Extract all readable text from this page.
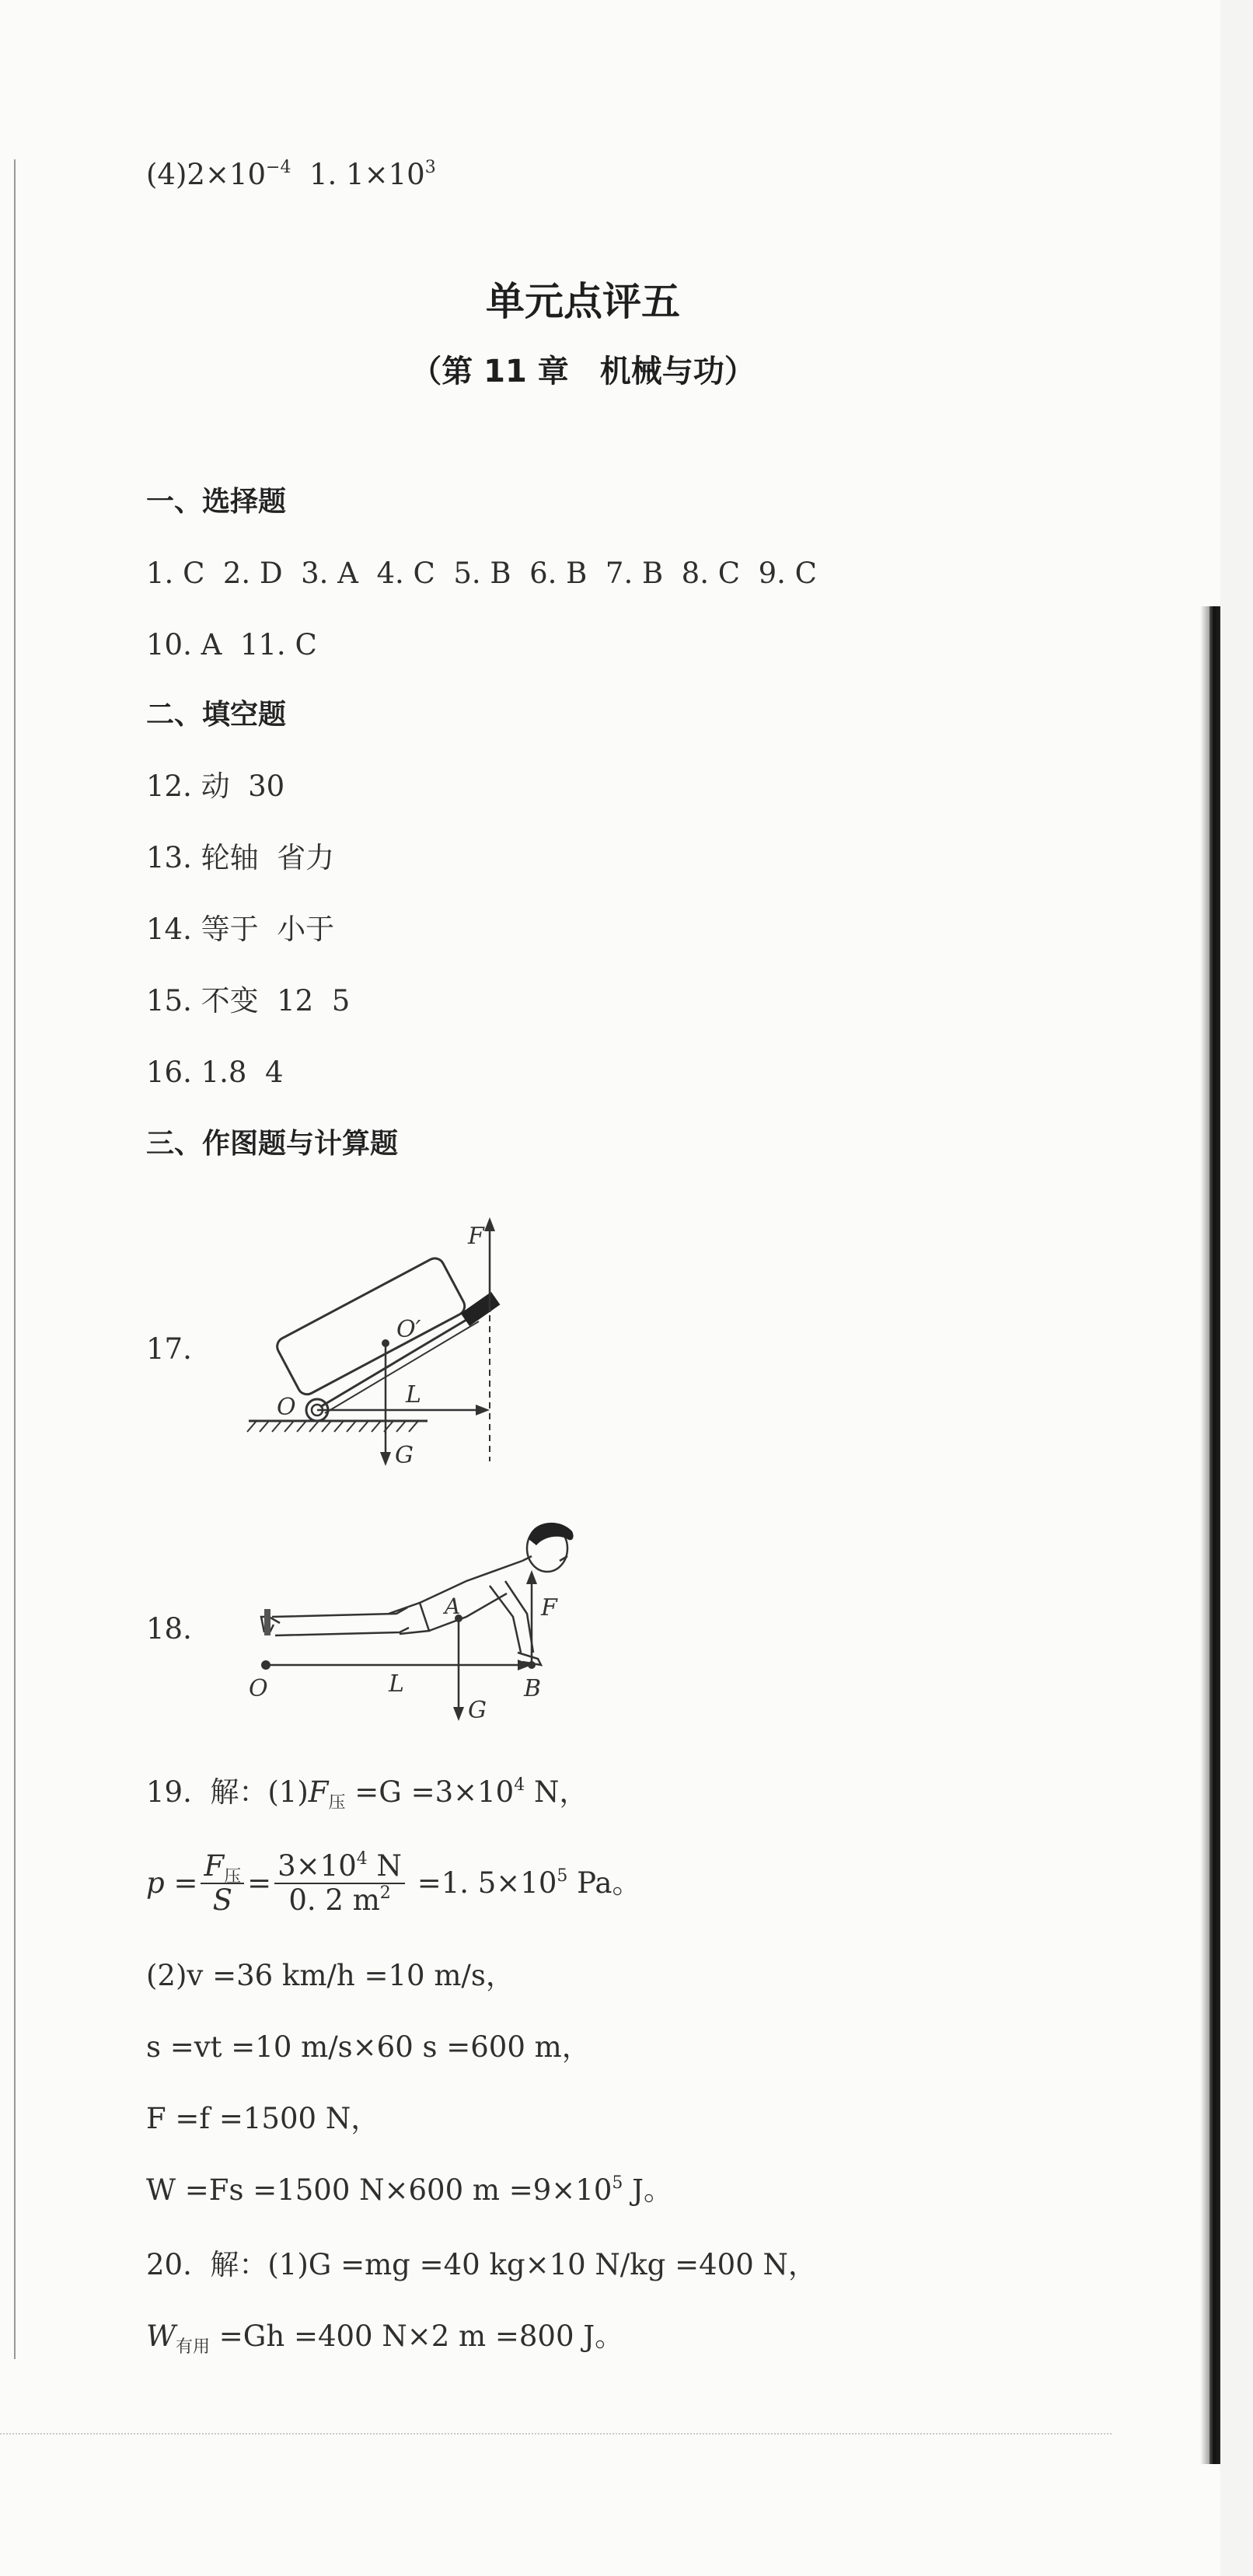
$(4)2\times 10^{-4}$  1. $1\times 10^3$
单元点评五
（第 11 章　机械与功）
一、选择题
1. C  2. D  3. A  4. C  5. B  6. B  7. B  8. C  9. C
10. A  11. C
二、填空题
12. 动  30
13. 轮轴  省力
14. 等于  小于
15. 不变  12  5
16. 1.8  4
三、作图题与计算题
17.
F
O′
G
O	L
18.
O	L
A
G
B
F
19.  解：$(1)F_压 =G =3\times 10^4$ N，
$p = \frac{F_压}{S} = \frac{3\times 10^4 N}{0. 2 m^2} =1$. $5\times 10^5$ Pa。
(2)v =36 km/h =10 m/s，
s =vt =10 m/s×60 s =600 m，
F =f =1500 N，
W =Fs =1500 N×600 $m =9\times 10^5$ J。
20.  解：(1)G =mg =40 kg×10 N/kg =400 N，
$W_{有用} =Gh =400$ N×2 m =800 J。
